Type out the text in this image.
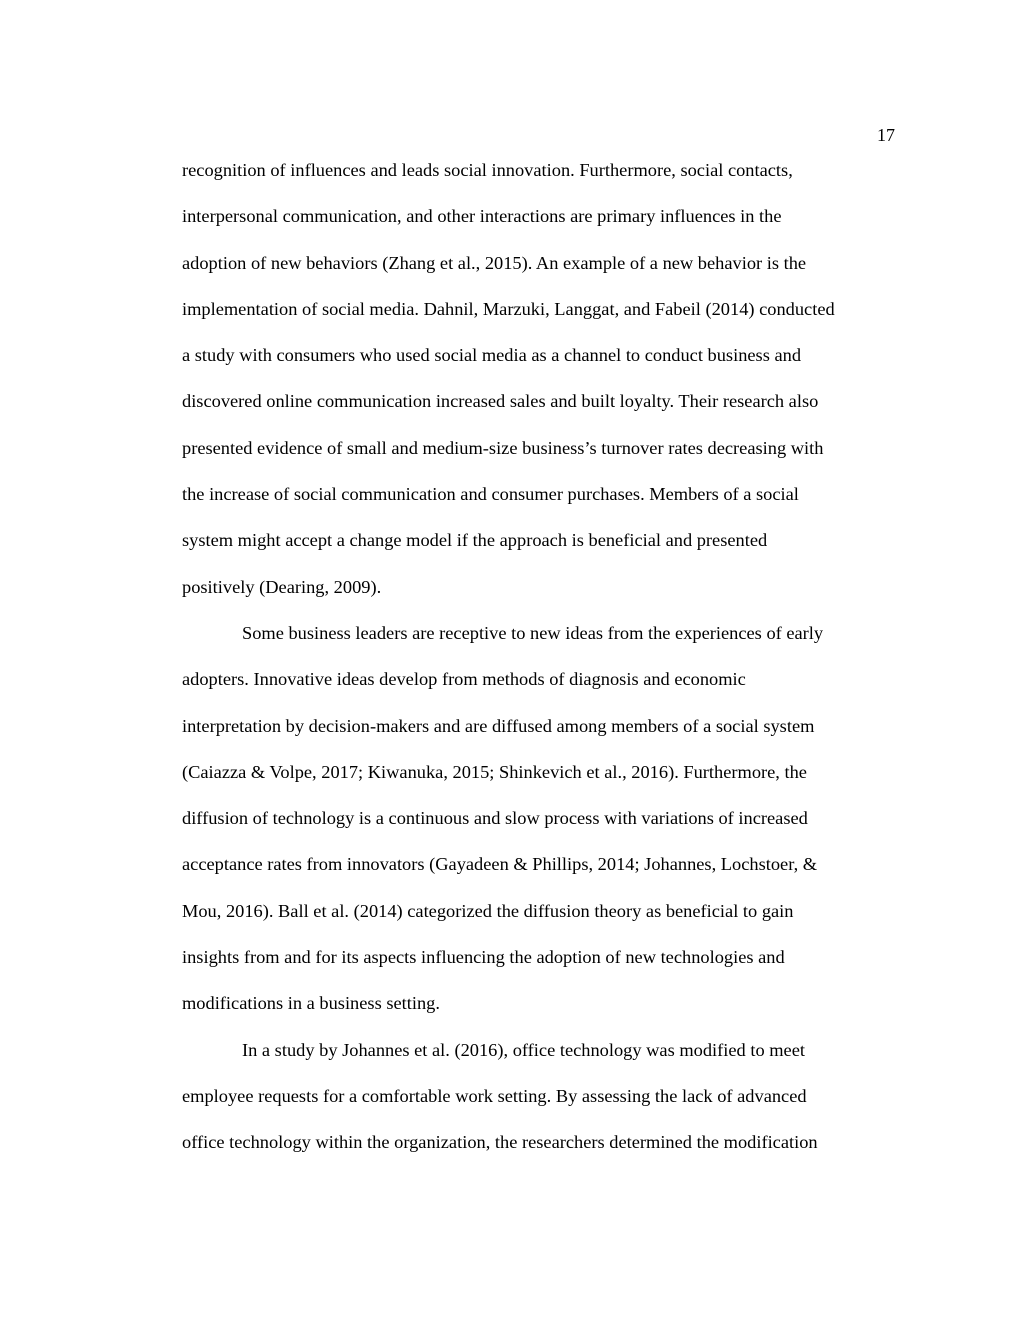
17
recognition of influences and leads social innovation. Furthermore, social contacts,
interpersonal communication, and other interactions are primary influences in the
adoption of new behaviors (Zhang et al., 2015). An example of a new behavior is the
implementation of social media. Dahnil, Marzuki, Langgat, and Fabeil (2014) conducted
a study with consumers who used social media as a channel to conduct business and
discovered online communication increased sales and built loyalty. Their research also
presented evidence of small and medium-size business’s turnover rates decreasing with
the increase of social communication and consumer purchases. Members of a social
system might accept a change model if the approach is beneficial and presented
positively (Dearing, 2009).
Some business leaders are receptive to new ideas from the experiences of early
adopters. Innovative ideas develop from methods of diagnosis and economic
interpretation by decision-makers and are diffused among members of a social system
(Caiazza & Volpe, 2017; Kiwanuka, 2015; Shinkevich et al., 2016). Furthermore, the
diffusion of technology is a continuous and slow process with variations of increased
acceptance rates from innovators (Gayadeen & Phillips, 2014; Johannes, Lochstoer, &
Mou, 2016). Ball et al. (2014) categorized the diffusion theory as beneficial to gain
insights from and for its aspects influencing the adoption of new technologies and
modifications in a business setting.
In a study by Johannes et al. (2016), office technology was modified to meet
employee requests for a comfortable work setting. By assessing the lack of advanced
office technology within the organization, the researchers determined the modification
